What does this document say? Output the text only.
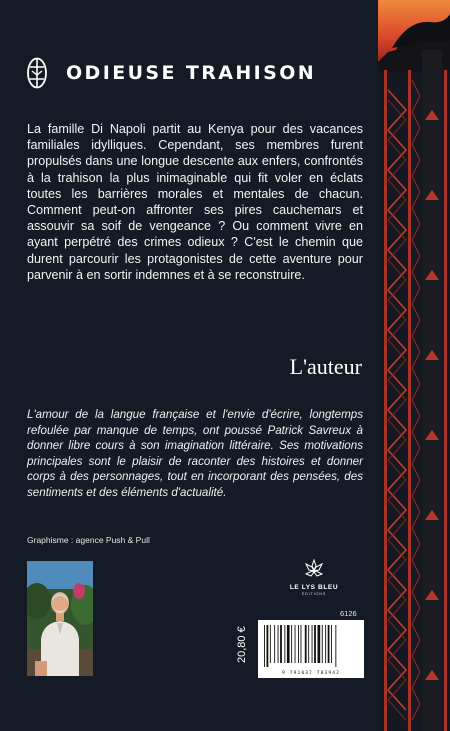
ODIEUSE TRAHISON

La famille Di Napoli partit au Kenya pour des vacances familiales idylliques. Cependant, ses membres furent propulsés dans une longue descente aux enfers, confrontés à la trahison la plus inimaginable qui fit voler en éclats toutes les barrières morales et mentales de chacun. Comment peut-on affronter ses pires cauchemars et assouvir sa soif de vengeance ? Ou comment vivre en ayant perpétré des crimes odieux ? C'est le chemin que durent parcourir les protagonistes de cette aventure pour parvenir à en sortir indemnes et à se reconstruire.

L'auteur

L'amour de la langue française et l'envie d'écrire, longtemps refoulée par manque de temps, ont poussé Patrick Savreux à donner libre cours à son imagination littéraire. Ses motivations principales sont le plaisir de raconter des histoires et donner corps à des personnages, tout en incorporant des pensées, des sentiments et des éléments d'actualité.

Graphisme : agence Push & Pull
LE LYS BLEU
ÉDITIONS
6126
20,80 €
9 791037 783942
